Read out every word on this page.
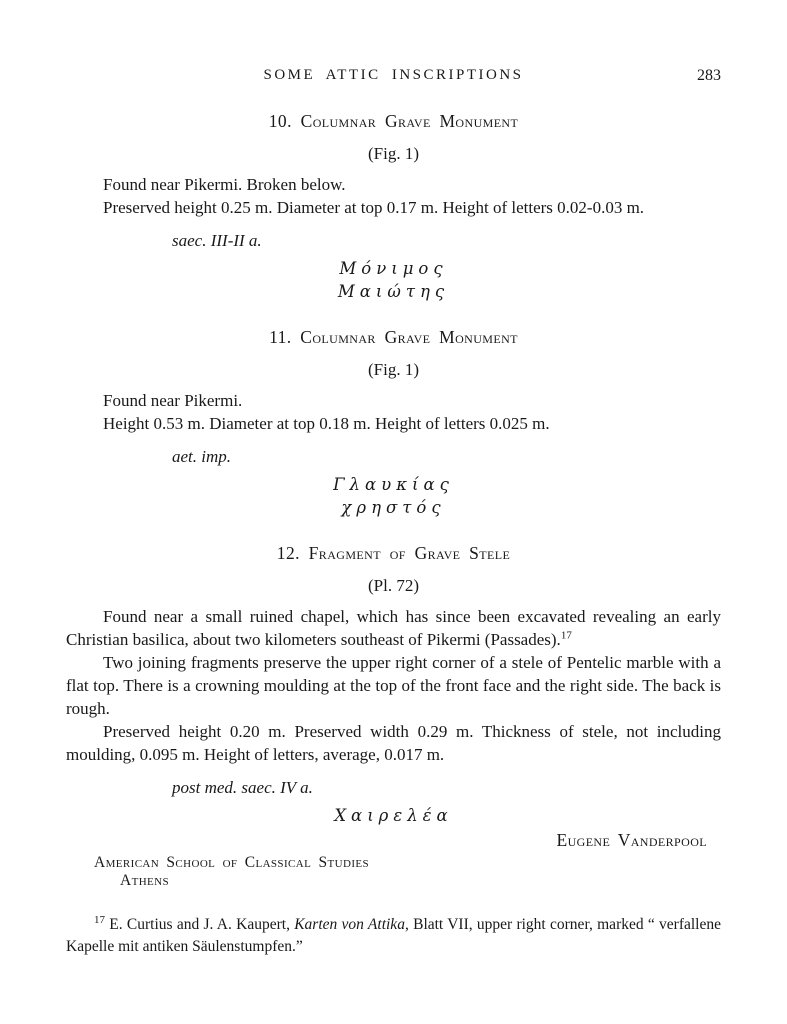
SOME ATTIC INSCRIPTIONS	283
10. Columnar Grave Monument

(Fig. 1)

Found near Pikermi. Broken below.

Preserved height 0.25 m. Diameter at top 0.17 m. Height of letters 0.02-0.03 m.

saec. III-II a.

Μόνιμος
Μαιώτης
11. Columnar Grave Monument

(Fig. 1)

Found near Pikermi.

Height 0.53 m. Diameter at top 0.18 m. Height of letters 0.025 m.

aet. imp.

Γλαυκίας
χρηστός
12. Fragment of Grave Stele

(Pl. 72)

Found near a small ruined chapel, which has since been excavated revealing an early Christian basilica, about two kilometers southeast of Pikermi (Passades).$^{17}$

Two joining fragments preserve the upper right corner of a stele of Pentelic marble with a flat top. There is a crowning moulding at the top of the front face and the right side. The back is rough.

Preserved height 0.20 m. Preserved width 0.29 m. Thickness of stele, not including moulding, 0.095 m. Height of letters, average, 0.017 m.

post med. saec. IV a.

Χαιρελέα

Eugene Vanderpool

American School of Classical Studies
Athens

$^{17}$ E. Curtius and J. A. Kaupert, Karten von Attika, Blatt VII, upper right corner, marked “ verfallene Kapelle mit antiken Säulenstumpfen.”
